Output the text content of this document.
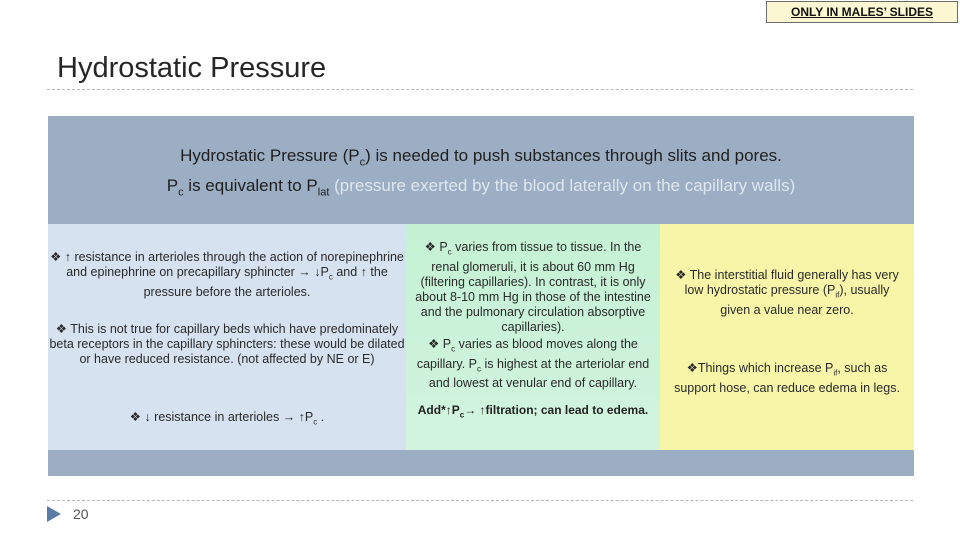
ONLY IN MALES’ SLIDES
Hydrostatic Pressure
Hydrostatic Pressure $(P_c)$ is needed to push substances through slits and pores.
$P_c$ is equivalent to $P_{lat}$ (pressure exerted by the blood laterally on the capillary walls)
❖ ↑ resistance in arterioles through the action of norepinephrine and epinephrine on precapillary sphincter → $↓P_c$ and ↑ the pressure before the arterioles.
❖ This is not true for capillary beds which have predominately beta receptors in the capillary sphincters: these would be dilated or have reduced resistance. (not affected by NE or E)
❖ ↓ resistance in arterioles → $↑P_c$ .
❖ $P_c$ varies from tissue to tissue. In the renal glomeruli, it is about 60 mm Hg (filtering capillaries). In contrast, it is only about 8-10 mm Hg in those of the intestine and the pulmonary circulation absorptive capillaries).
❖ $P_c$ varies as blood moves along the capillary. $P_c$ is highest at the arteriolar end and lowest at venular end of capillary.
$Add*↑P_c\to$ ↑filtration; can lead to edema.
❖ The interstitial fluid generally has very low hydrostatic pressure $(P_{if})$, usually given a value near zero.
❖Things which increase $P_{if}$, such as support hose, can reduce edema in legs.
20
